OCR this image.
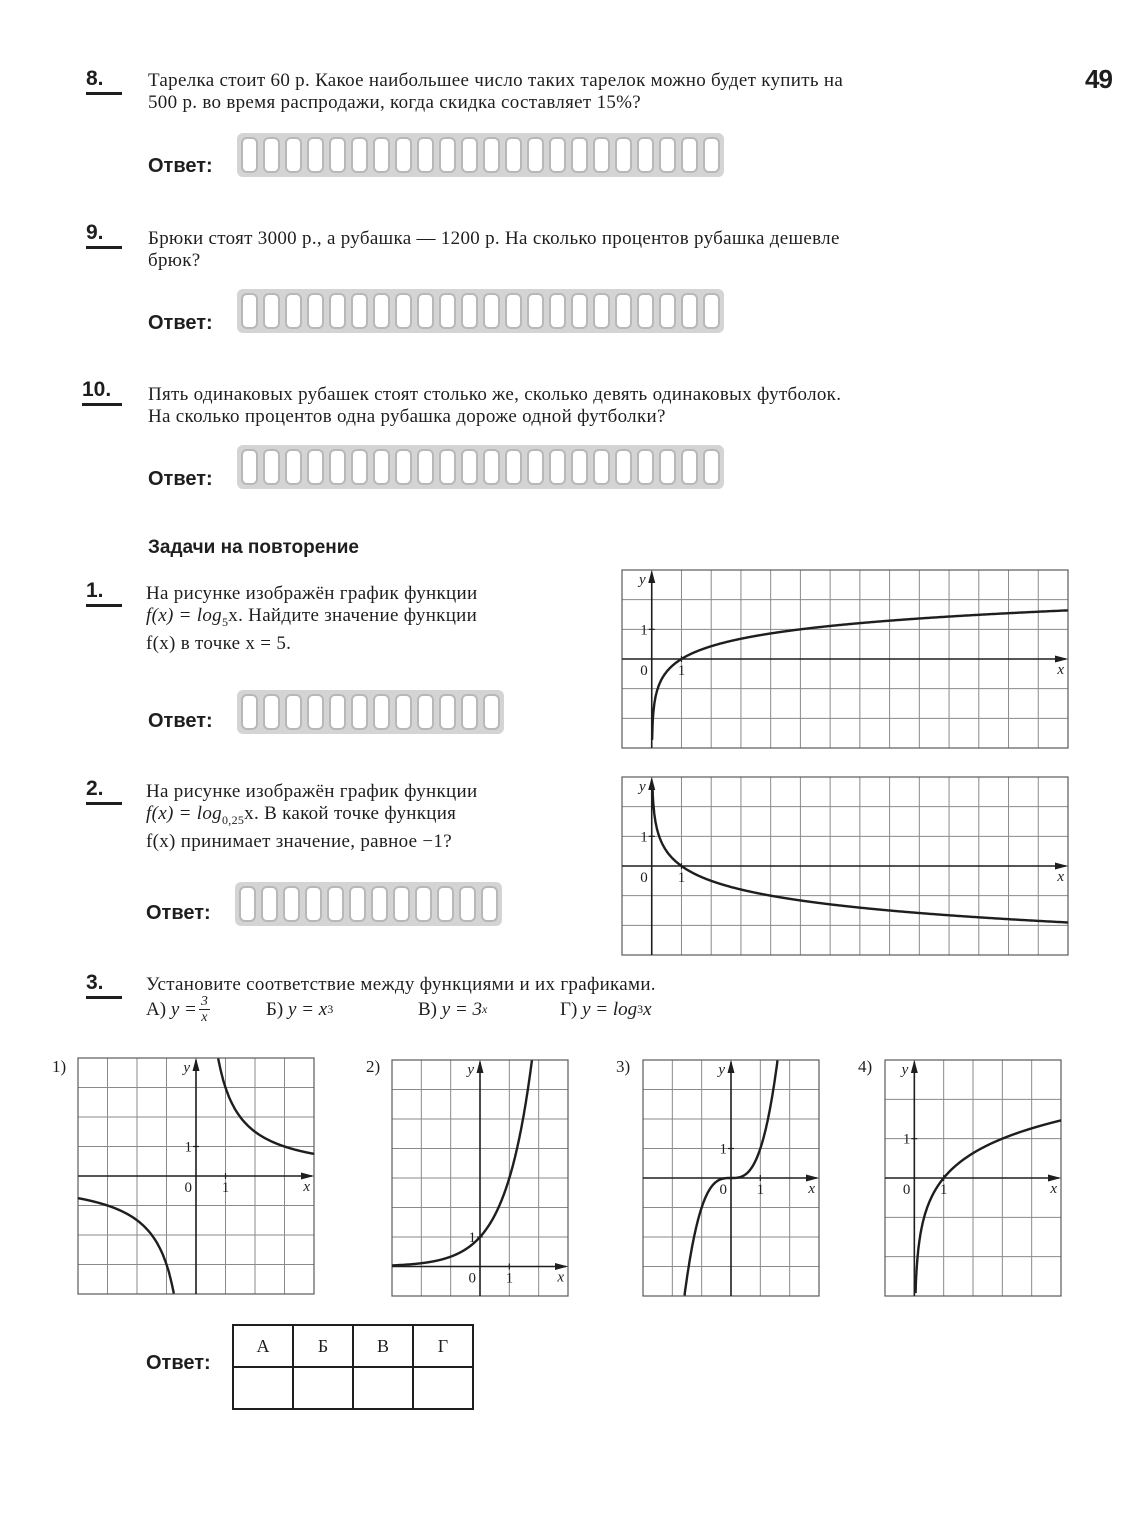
49
8.	Тарелка стоит 60 р. Какое наибольшее число таких тарелок можно будет купить на

500 р. во время распродажи, когда скидка составляет 15%?

Ответ:
9.	Брюки стоят 3000 р., а рубашка — 1200 р. На сколько процентов рубашка дешевле

брюк?

Ответ:
10.	Пять одинаковых рубашек стоят столько же, сколько девять одинаковых футболок.

На сколько процентов одна рубашка дороже одной футболки?

Ответ:
Задачи на повторение
1.	На рисунке изображён график функции

$f(x) = \log_5x$. Найдите значение функции

f(x) в точке x = 5.

Ответ:
y
x
0 1
1
2.	На рисунке изображён график функции

$f(x) = \log_{0,25}x$. В какой точке функция

f(x) принимает значение, равное −1?

Ответ:
y
x
0 1
1
3.	Установите соответствие между функциями и их графиками.
А)
$y = \frac{3}{x}$	Б)
y = x 3	В)
y = 3 x	Г)
y = log 3 x
1)	2)	3)	4)
y
x
0 1
1
y
x
0 1
1
y
x
0 1
1
y
x
0 1
1
Ответ:
А	Б	В	Г
